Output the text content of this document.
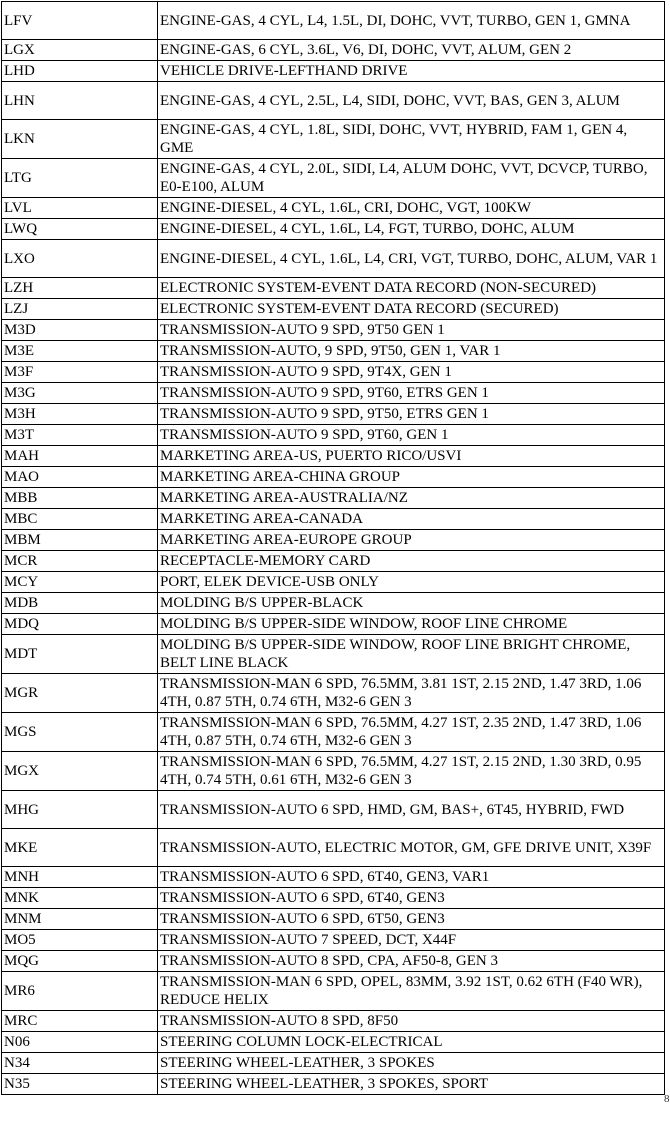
LFV	ENGINE-GAS, 4 CYL, L4, 1.5L, DI, DOHC, VVT, TURBO, GEN 1, GMNA
LGX	ENGINE-GAS, 6 CYL, 3.6L, V6, DI, DOHC, VVT, ALUM, GEN 2
LHD	VEHICLE DRIVE-LEFTHAND DRIVE
LHN	ENGINE-GAS, 4 CYL, 2.5L, L4, SIDI, DOHC, VVT, BAS, GEN 3, ALUM
LKN	ENGINE-GAS, 4 CYL, 1.8L, SIDI, DOHC, VVT, HYBRID, FAM 1, GEN 4, GME
LTG	ENGINE-GAS, 4 CYL, 2.0L, SIDI, L4, ALUM DOHC, VVT, DCVCP, TURBO, E0-E100, ALUM
LVL	ENGINE-DIESEL, 4 CYL, 1.6L, CRI, DOHC, VGT, 100KW
LWQ	ENGINE-DIESEL, 4 CYL, 1.6L, L4, FGT, TURBO, DOHC, ALUM
LXO	ENGINE-DIESEL, 4 CYL, 1.6L, L4, CRI, VGT, TURBO, DOHC, ALUM, VAR 1
LZH	ELECTRONIC SYSTEM-EVENT DATA RECORD (NON-SECURED)
LZJ	ELECTRONIC SYSTEM-EVENT DATA RECORD (SECURED)
M3D	TRANSMISSION-AUTO 9 SPD, 9T50 GEN 1
M3E	TRANSMISSION-AUTO, 9 SPD, 9T50, GEN 1, VAR 1
M3F	TRANSMISSION-AUTO 9 SPD, 9T4X, GEN 1
M3G	TRANSMISSION-AUTO 9 SPD, 9T60, ETRS GEN 1
M3H	TRANSMISSION-AUTO 9 SPD, 9T50, ETRS GEN 1
M3T	TRANSMISSION-AUTO 9 SPD, 9T60, GEN 1
MAH	MARKETING AREA-US, PUERTO RICO/USVI
MAO	MARKETING AREA-CHINA GROUP
MBB	MARKETING AREA-AUSTRALIA/NZ
MBC	MARKETING AREA-CANADA
MBM	MARKETING AREA-EUROPE GROUP
MCR	RECEPTACLE-MEMORY CARD
MCY	PORT, ELEK DEVICE-USB ONLY
MDB	MOLDING B/S UPPER-BLACK
MDQ	MOLDING B/S UPPER-SIDE WINDOW, ROOF LINE CHROME
MDT	MOLDING B/S UPPER-SIDE WINDOW, ROOF LINE BRIGHT CHROME, BELT LINE BLACK
MGR	TRANSMISSION-MAN 6 SPD, 76.5MM, 3.81 1ST, 2.15 2ND, 1.47 3RD, 1.06 4TH, 0.87 5TH, 0.74 6TH, M32-6 GEN 3
MGS	TRANSMISSION-MAN 6 SPD, 76.5MM, 4.27 1ST, 2.35 2ND, 1.47 3RD, 1.06 4TH, 0.87 5TH, 0.74 6TH, M32-6 GEN 3
MGX	TRANSMISSION-MAN 6 SPD, 76.5MM, 4.27 1ST, 2.15 2ND, 1.30 3RD, 0.95 4TH, 0.74 5TH, 0.61 6TH, M32-6 GEN 3
MHG	TRANSMISSION-AUTO 6 SPD, HMD, GM, BAS+, 6T45, HYBRID, FWD
MKE	TRANSMISSION-AUTO, ELECTRIC MOTOR, GM, GFE DRIVE UNIT, X39F
MNH	TRANSMISSION-AUTO 6 SPD, 6T40, GEN3, VAR1
MNK	TRANSMISSION-AUTO 6 SPD, 6T40, GEN3
MNM	TRANSMISSION-AUTO 6 SPD, 6T50, GEN3
MO5	TRANSMISSION-AUTO 7 SPEED, DCT, X44F
MQG	TRANSMISSION-AUTO 8 SPD, CPA, AF50-8, GEN 3
MR6	TRANSMISSION-MAN 6 SPD, OPEL, 83MM, 3.92 1ST, 0.62 6TH (F40 WR), REDUCE HELIX
MRC	TRANSMISSION-AUTO 8 SPD, 8F50
N06	STEERING COLUMN LOCK-ELECTRICAL
N34	STEERING WHEEL-LEATHER, 3 SPOKES
N35	STEERING WHEEL-LEATHER, 3 SPOKES, SPORT
8
